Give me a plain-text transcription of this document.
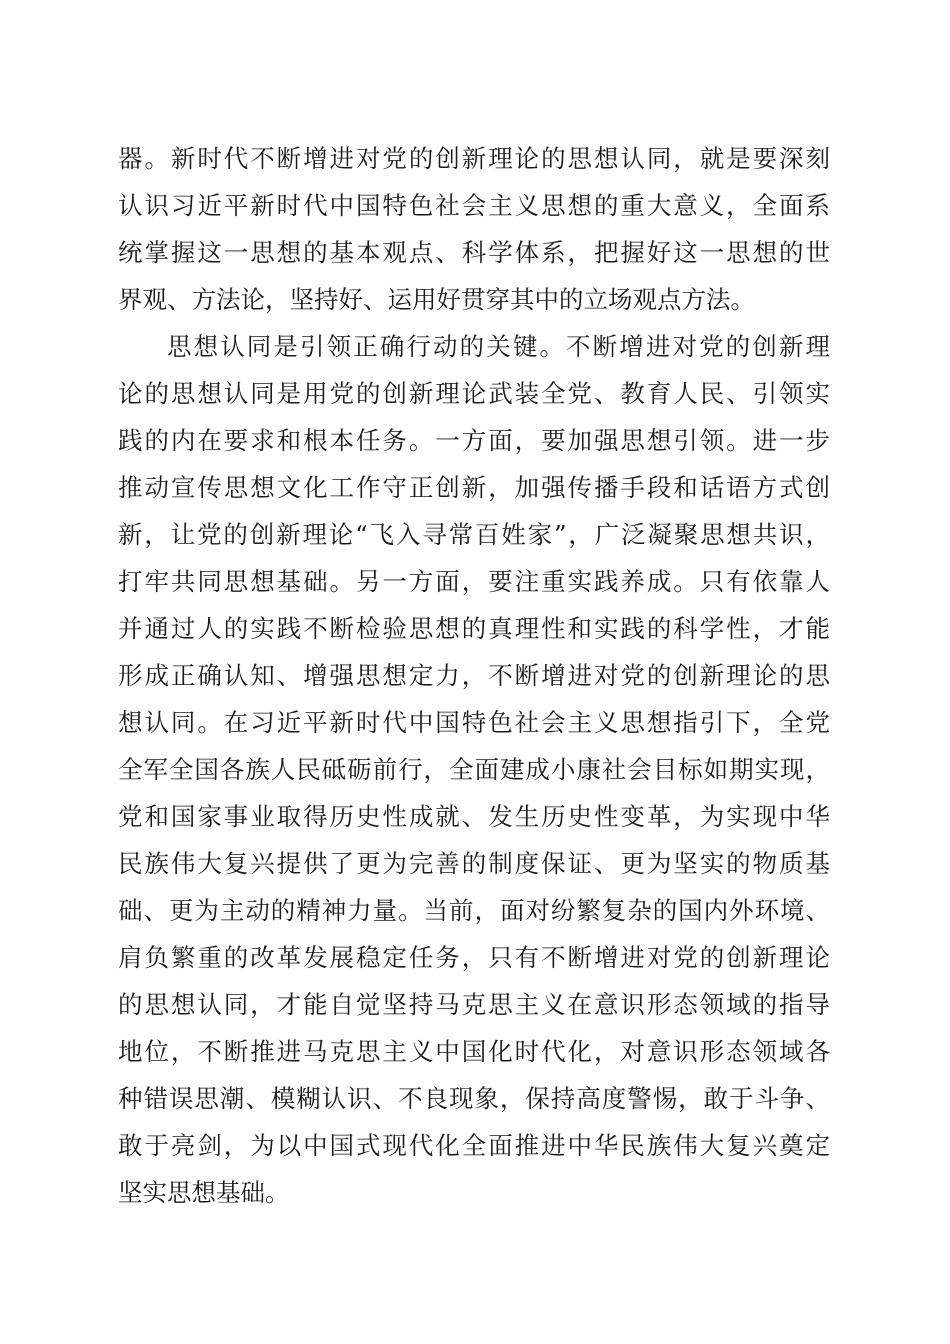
器。新时代不断增进对党的创新理论的思想认同，就是要深刻
认识习近平新时代中国特色社会主义思想的重大意义，全面系
统掌握这一思想的基本观点、科学体系，把握好这一思想的世
界观、方法论，坚持好、运用好贯穿其中的立场观点方法。
思想认同是引领正确行动的关键。不断增进对党的创新理
论的思想认同是用党的创新理论武装全党、教育人民、引领实
践的内在要求和根本任务。一方面，要加强思想引领。进一步
推动宣传思想文化工作守正创新，加强传播手段和话语方式创
新，让党的创新理论“飞入寻常百姓家”，广泛凝聚思想共识，
打牢共同思想基础。另一方面，要注重实践养成。只有依靠人
并通过人的实践不断检验思想的真理性和实践的科学性，才能
形成正确认知、增强思想定力，不断增进对党的创新理论的思
想认同。在习近平新时代中国特色社会主义思想指引下，全党
全军全国各族人民砥砺前行，全面建成小康社会目标如期实现，
党和国家事业取得历史性成就、发生历史性变革，为实现中华
民族伟大复兴提供了更为完善的制度保证、更为坚实的物质基
础、更为主动的精神力量。当前，面对纷繁复杂的国内外环境、
肩负繁重的改革发展稳定任务，只有不断增进对党的创新理论
的思想认同，才能自觉坚持马克思主义在意识形态领域的指导
地位，不断推进马克思主义中国化时代化，对意识形态领域各
种错误思潮、模糊认识、不良现象，保持高度警惕，敢于斗争、
敢于亮剑，为以中国式现代化全面推进中华民族伟大复兴奠定
坚实思想基础。
